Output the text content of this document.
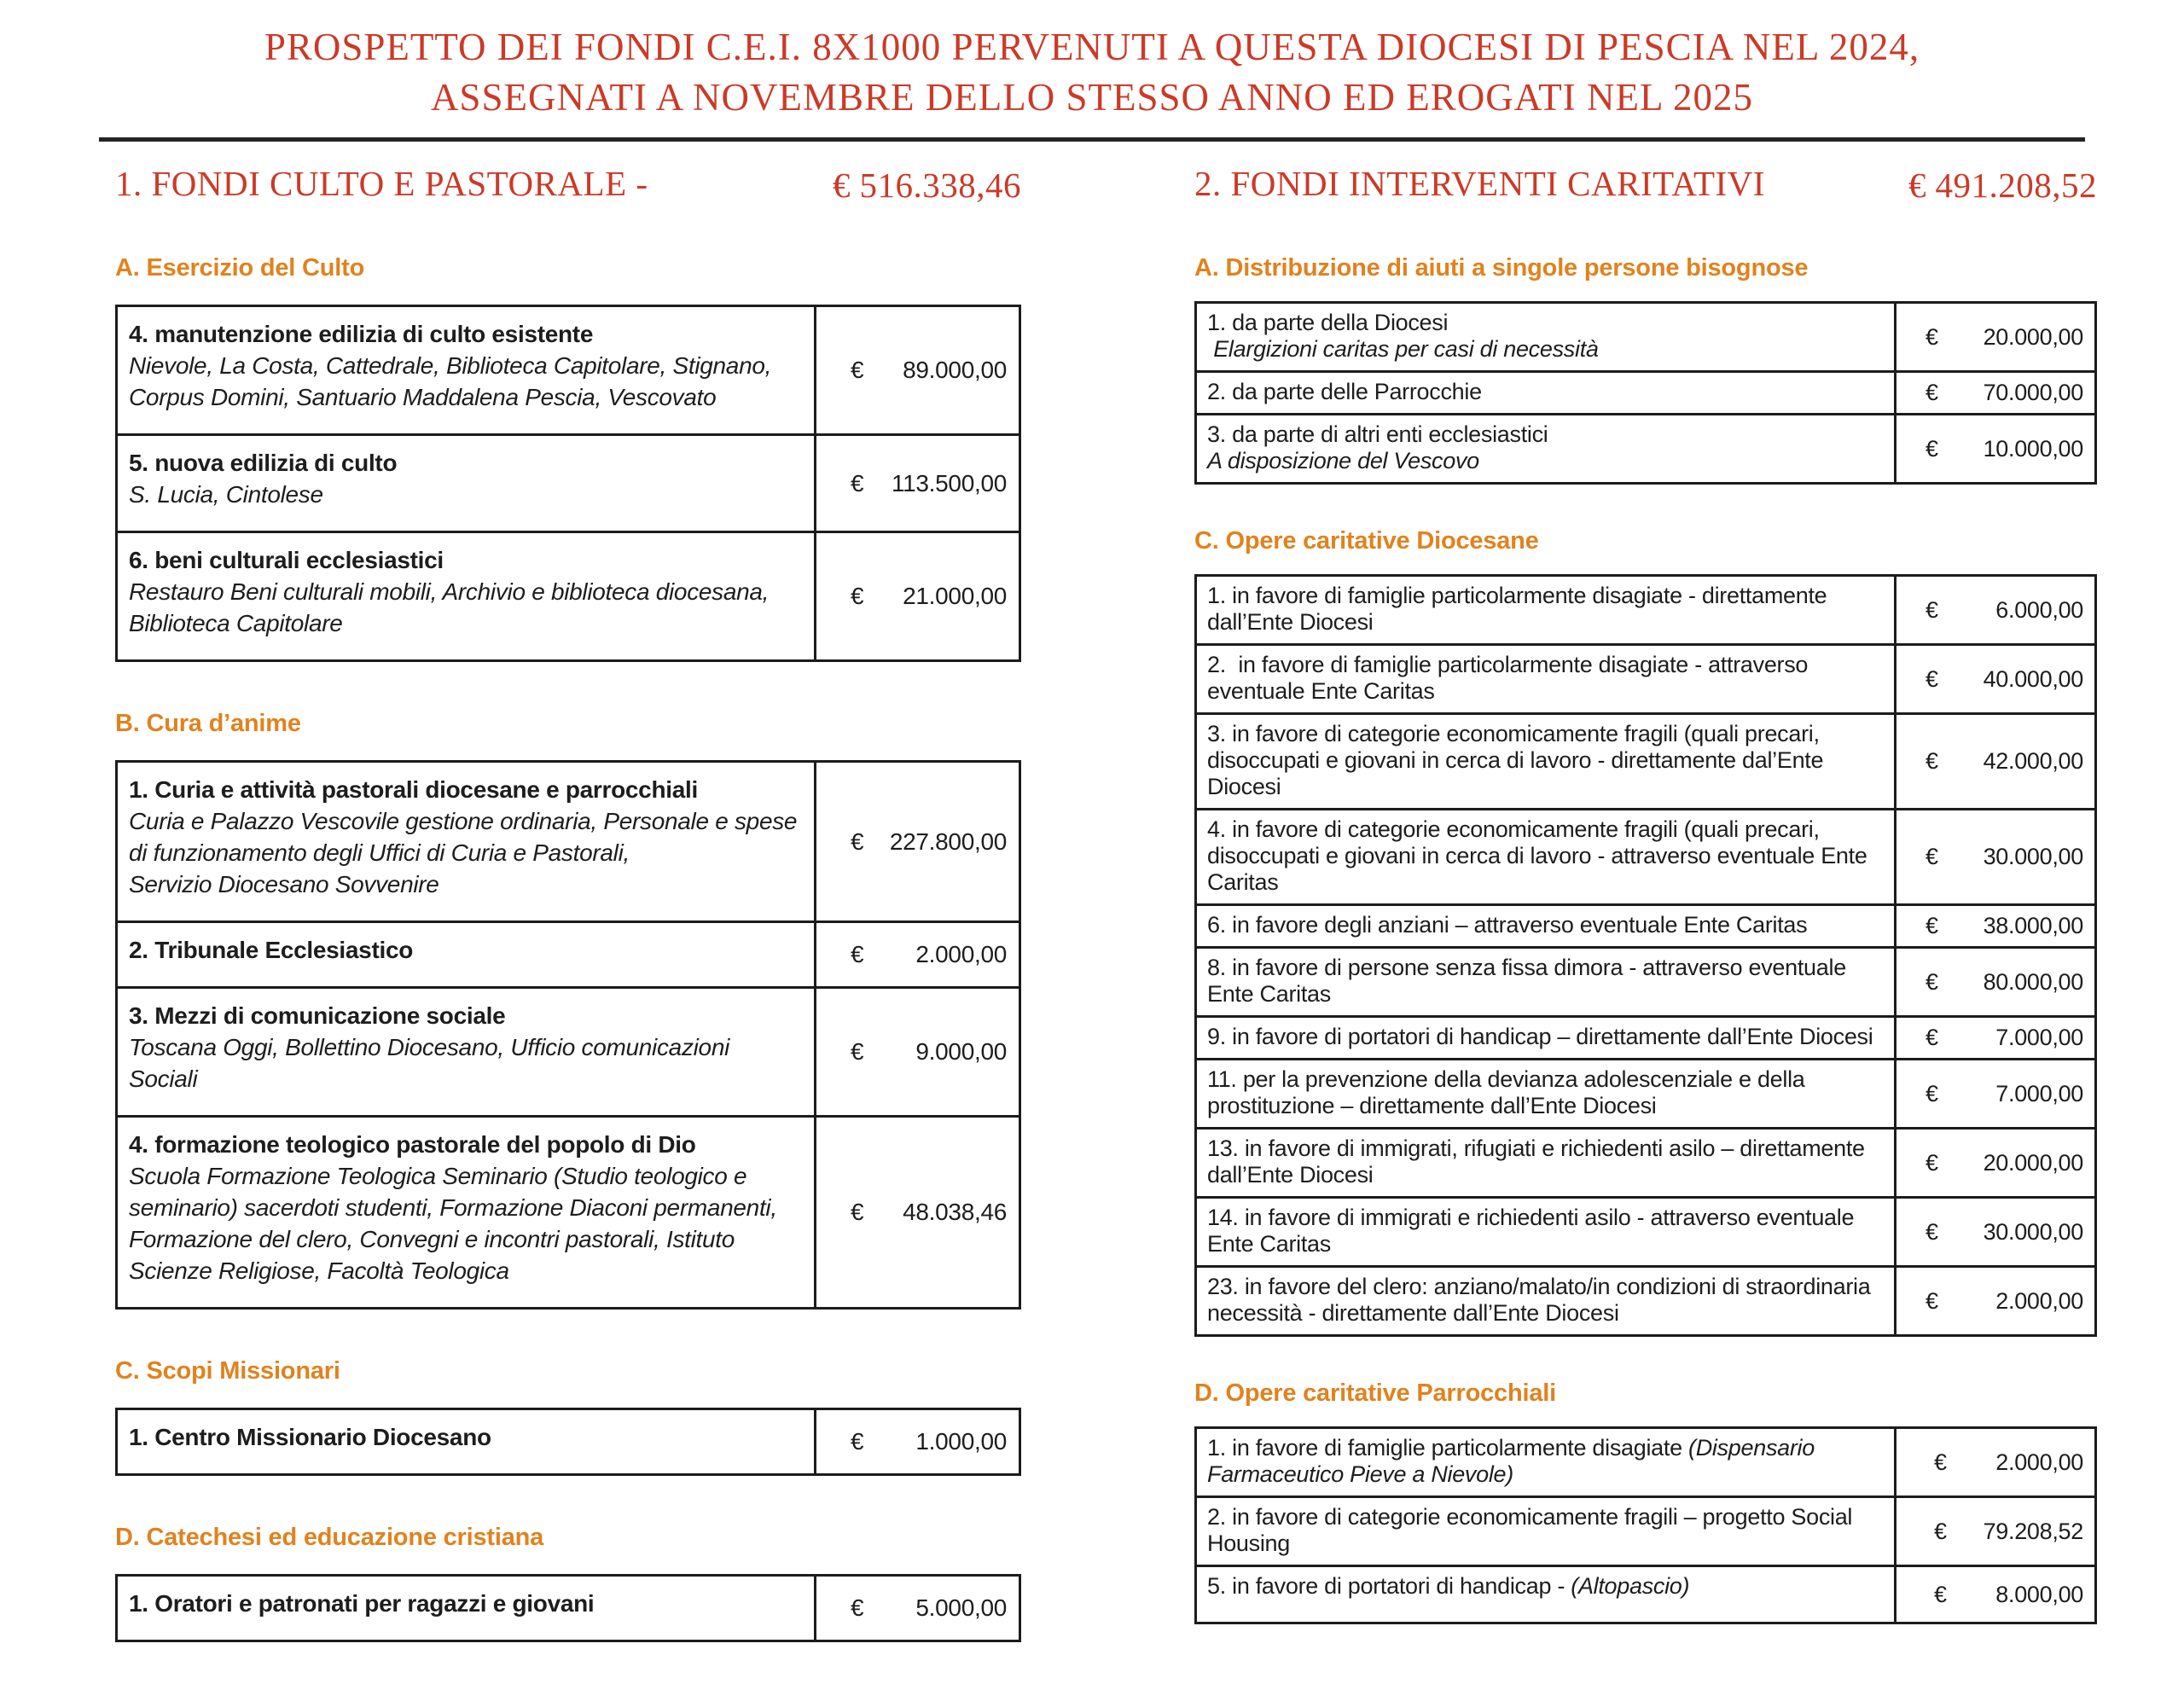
PROSPETTO DEI FONDI C.E.I. 8X1000 PERVENUTI A QUESTA DIOCESI DI PESCIA NEL 2024,
ASSEGNATI A NOVEMBRE DELLO STESSO ANNO ED EROGATI NEL 2025
1. FONDI CULTO E PASTORALE -	€ 516.338,46
A. Esercizio del Culto
4. manutenzione edilizia di culto esistente
Nievole, La Costa, Cattedrale, Biblioteca Capitolare, Stignano, Corpus Domini, Santuario Maddalena Pescia, Vescovato
€ 89.000,00
5. nuova edilizia di culto
S. Lucia, Cintolese	€ 113.500,00
6. beni culturali ecclesiastici
Restauro Beni culturali mobili, Archivio e biblioteca diocesana, Biblioteca Capitolare
€ 21.000,00
B. Cura d’anime
1. Curia e attività pastorali diocesane e parrocchiali
Curia e Palazzo Vescovile gestione ordinaria, Personale e spese di funzionamento degli Uffici di Curia e Pastorali,
Servizio Diocesano Sovvenire
€ 227.800,00
2. Tribunale Ecclesiastico	€ 2.000,00
3. Mezzi di comunicazione sociale
Toscana Oggi, Bollettino Diocesano, Ufficio comunicazioni Sociali
€ 9.000,00
4. formazione teologico pastorale del popolo di Dio
Scuola Formazione Teologica Seminario (Studio teologico e seminario) sacerdoti studenti, Formazione Diaconi permanenti, Formazione del clero, Convegni e incontri pastorali, Istituto Scienze Religiose, Facoltà Teologica
€ 48.038,46
C. Scopi Missionari
1. Centro Missionario Diocesano	€ 1.000,00
D. Catechesi ed educazione cristiana
1. Oratori e patronati per ragazzi e giovani	€ 5.000,00
2. FONDI INTERVENTI CARITATIVI	€ 491.208,52
A. Distribuzione di aiuti a singole persone bisognose
1. da parte della Diocesi
Elargizioni caritas per casi di necessità	€ 20.000,00
2. da parte delle Parrocchie	€ 70.000,00
3. da parte di altri enti ecclesiastici
A disposizione del Vescovo	€ 10.000,00
C. Opere caritative Diocesane
1. in favore di famiglie particolarmente disagiate - direttamente dall’Ente Diocesi	€	6.000,00
2.  in favore di famiglie particolarmente disagiate - attraverso eventuale Ente Caritas	€ 40.000,00
3. in favore di categorie economicamente fragili (quali precari, disoccupati e giovani in cerca di lavoro - direttamente dal’Ente Diocesi
€ 42.000,00
4. in favore di categorie economicamente fragili (quali precari, disoccupati e giovani in cerca di lavoro - attraverso eventuale Ente Caritas
€ 30.000,00
6. in favore degli anziani – attraverso eventuale Ente Caritas	€ 38.000,00
8. in favore di persone senza fissa dimora - attraverso eventuale Ente Caritas	€ 80.000,00
9. in favore di portatori di handicap – direttamente dall’Ente Diocesi	€	7.000,00
11. per la prevenzione della devianza adolescenziale e della prostituzione – direttamente dall’Ente Diocesi	€	7.000,00
13. in favore di immigrati, rifugiati e richiedenti asilo – direttamente dall’Ente Diocesi	€ 20.000,00
14. in favore di immigrati e richiedenti asilo - attraverso eventuale Ente Caritas	€ 30.000,00
23. in favore del clero: anziano/malato/in condizioni di straordinaria necessità - direttamente dall’Ente Diocesi	€	2.000,00
D. Opere caritative Parrocchiali
1. in favore di famiglie particolarmente disagiate (Dispensario Farmaceutico Pieve a Nievole)	€ 2.000,00
2. in favore di categorie economicamente fragili – progetto Social Housing	€ 79.208,52
5. in favore di portatori di handicap - (Altopascio)	€ 8.000,00
